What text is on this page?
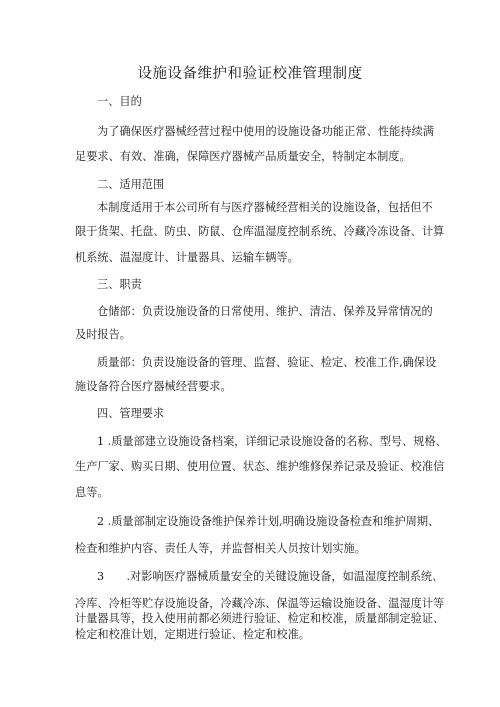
设施设备维护和验证校准管理制度
一、目的
为了确保医疗器械经营过程中使用的设施设备功能正常、性能持续满
足要求、有效、准确，保障医疗器械产品质量安全，特制定本制度。
二、适用范围
本制度适用于本公司所有与医疗器械经营相关的设施设备，包括但不
限于货架、托盘、防虫、防鼠、仓库温湿度控制系统、冷藏冷冻设备、计算
机系统、温湿度计、计量器具、运输车辆等。
三、职责
仓储部：负责设施设备的日常使用、维护、清洁、保养及异常情况的
及时报告。
质量部：负责设施设备的管理、监督、验证、检定、校准工作,确保设
施设备符合医疗器械经营要求。
四、管理要求
1 .质量部建立设施设备档案，详细记录设施设备的名称、型号、规格、
生产厂家、购买日期、使用位置、状态、维护维修保养记录及验证、校准信
息等。
2 .质量部制定设施设备维护保养计划,明确设施设备检查和维护周期、
检查和维护内容、责任人等，并监督相关人员按计划实施。
3　　.对影响医疗器械质量安全的关键设施设备，如温湿度控制系统、
冷库、冷柜等贮存设施设备，冷藏冷冻、保温等运输设施设备、温湿度计等
计量器具等，投入使用前都必须进行验证、检定和校准，质量部制定验证、
检定和校准计划，定期进行验证、检定和校准。
